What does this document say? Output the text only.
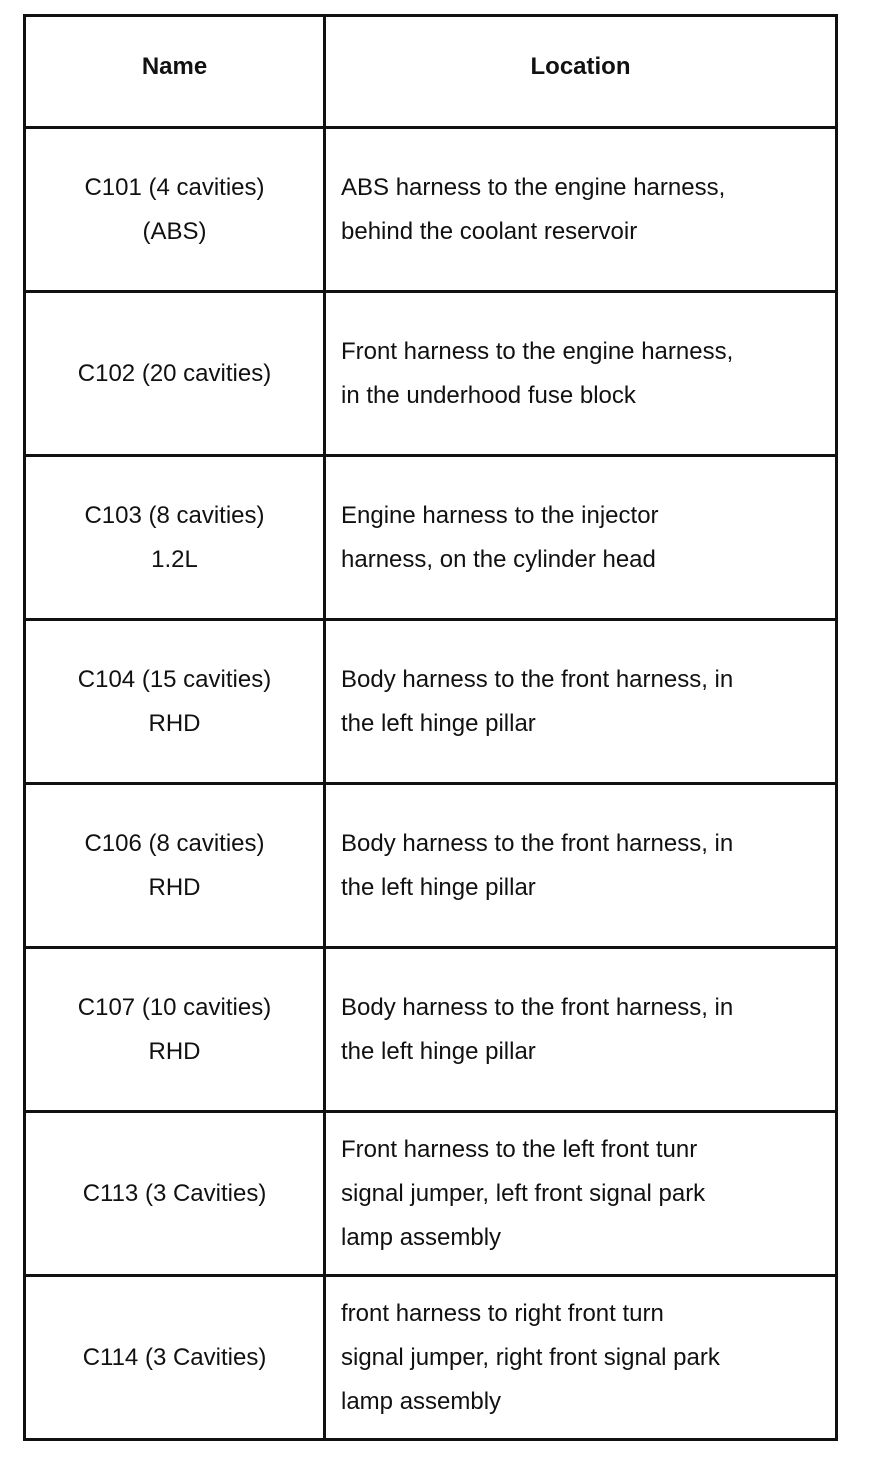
Name	Location
C101 (4 cavities)
(ABS)
ABS harness to the engine harness,
behind the coolant reservoir
C102 (20 cavities)
Front harness to the engine harness,
in the underhood fuse block
C103 (8 cavities)
1.2L
Engine harness to the injector
harness, on the cylinder head
C104 (15 cavities)
RHD
Body harness to the front harness, in
the left hinge pillar
C106 (8 cavities)
RHD
Body harness to the front harness, in
the left hinge pillar
C107 (10 cavities)
RHD
Body harness to the front harness, in
the left hinge pillar
C113 (3 Cavities)
Front harness to the left front tunr
signal jumper, left front signal park
lamp assembly
C114 (3 Cavities)
front harness to right front turn
signal jumper, right front signal park
lamp assembly
